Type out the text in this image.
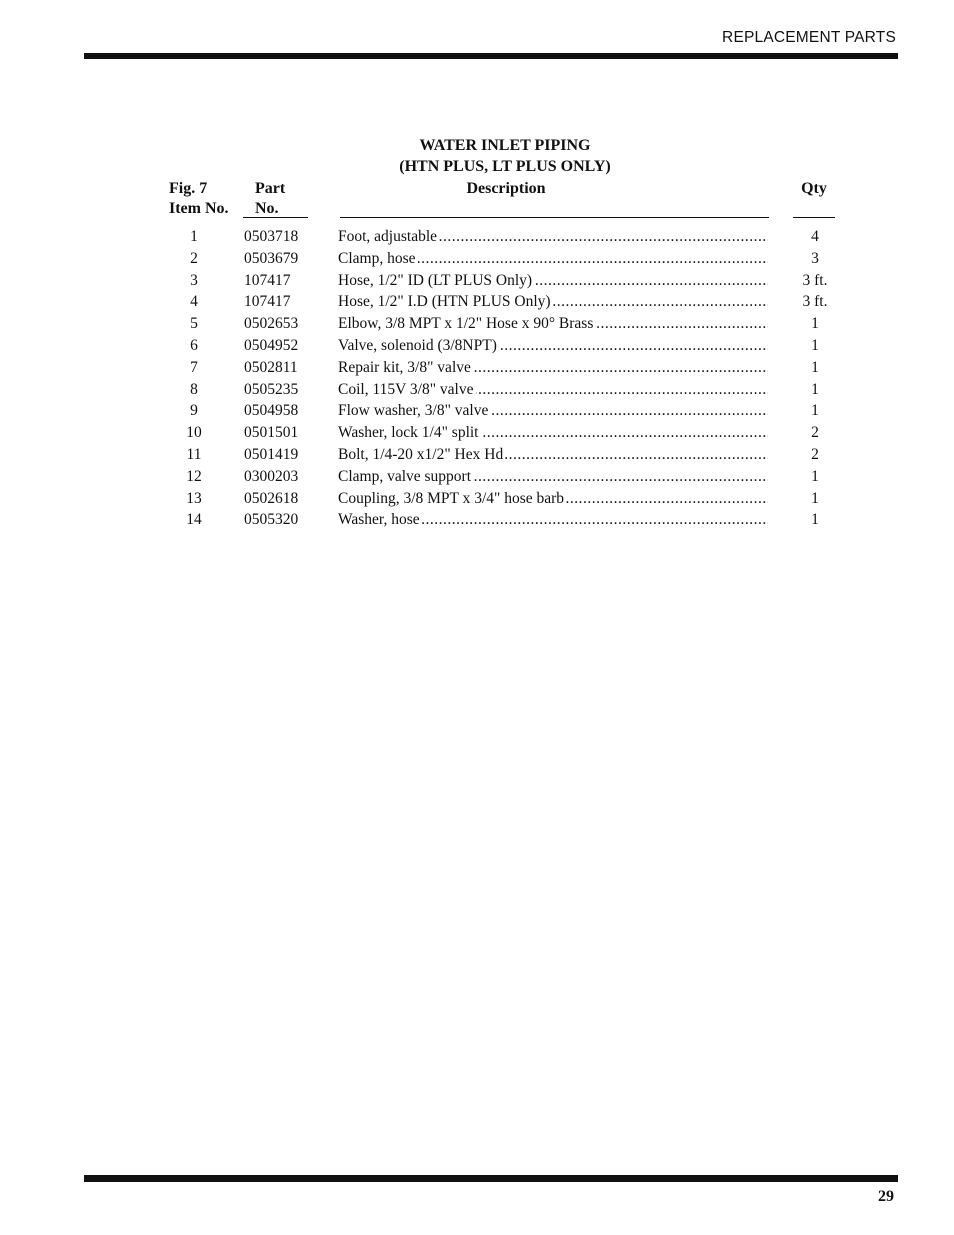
REPLACEMENT PARTS
WATER INLET PIPING
(HTN PLUS, LT PLUS ONLY)
Fig. 7
Item No.
Part
No.
Description	Qty
1	0503718	Foot, adjustable .....	4
2	0503679	Clamp, hose .....	3
3	107417	Hose, 1/2" ID (LT PLUS Only) .....	3 ft.
4	107417	Hose, 1/2" I.D (HTN PLUS Only) .....	3 ft.
5	0502653	Elbow, 3/8 MPT x 1/2" Hose x 90° Brass .....	1
6	0504952	Valve, solenoid (3/8NPT) .....	1
7	0502811	Repair kit, 3/8" valve .....	1
8	0505235	Coil, 115V 3/8" valve .....	1
9	0504958	Flow washer, 3/8" valve .....	1
10	0501501	Washer, lock 1/4" split .....	2
11	0501419	Bolt, 1/4-20 x1/2" Hex Hd .....	2
12	0300203	Clamp, valve support .....	1
13	0502618	Coupling, 3/8 MPT x 3/4" hose barb .....	1
14	0505320	Washer, hose .....	1
29
